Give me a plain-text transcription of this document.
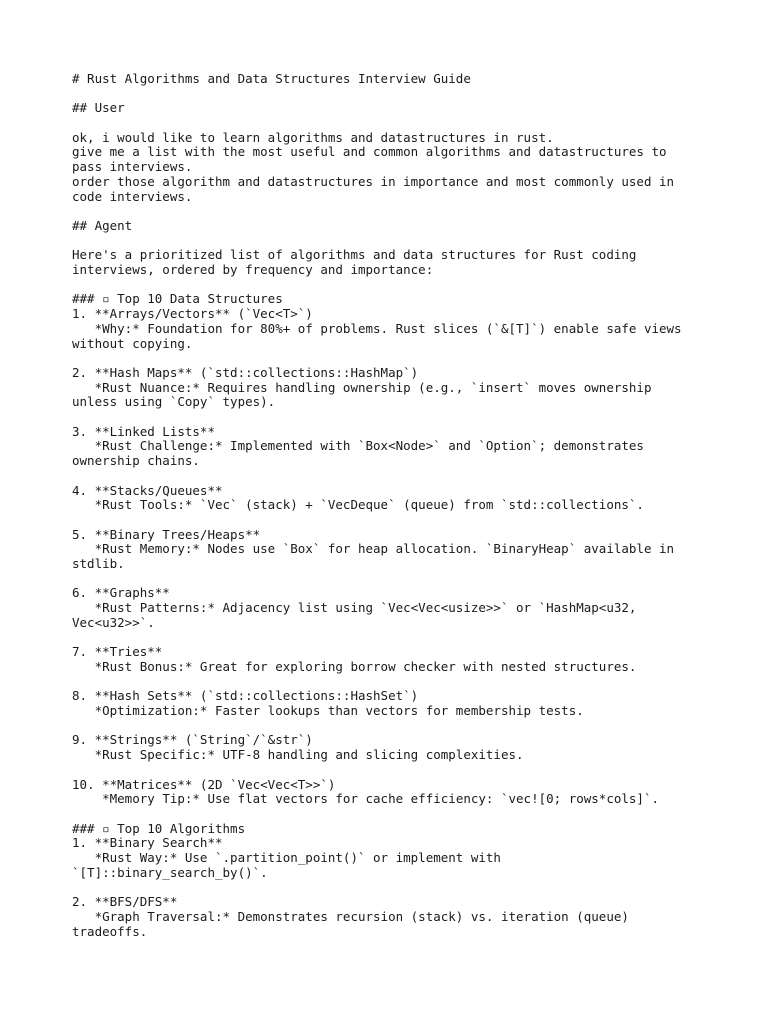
# Rust Algorithms and Data Structures Interview Guide
## User
ok, i would like to learn algorithms and datastructures in rust.
give me a list with the most useful and common algorithms and datastructures to
pass interviews.
order those algorithm and datastructures in importance and most commonly used in
code interviews.
## Agent
Here's a prioritized list of algorithms and data structures for Rust coding
interviews, ordered by frequency and importance:
### ▫ Top 10 Data Structures
1. **Arrays/Vectors** (`Vec<T>`)
*Why:* Foundation for 80%+ of problems. Rust slices (`&[T]`) enable safe views
without copying.
2. **Hash Maps** (`std::collections::HashMap`)
*Rust Nuance:* Requires handling ownership (e.g., `insert` moves ownership
unless using `Copy` types).
3. **Linked Lists**
*Rust Challenge:* Implemented with `Box<Node>` and `Option`; demonstrates
ownership chains.
4. **Stacks/Queues**
*Rust Tools:* `Vec` (stack) + `VecDeque` (queue) from `std::collections`.
5. **Binary Trees/Heaps**
*Rust Memory:* Nodes use `Box` for heap allocation. `BinaryHeap` available in
stdlib.
6. **Graphs**
*Rust Patterns:* Adjacency list using `Vec<Vec<usize>>` or `HashMap<u32,
Vec<u32>>`.
7. **Tries**
*Rust Bonus:* Great for exploring borrow checker with nested structures.
8. **Hash Sets** (`std::collections::HashSet`)
*Optimization:* Faster lookups than vectors for membership tests.
9. **Strings** (`String`/`&str`)
*Rust Specific:* UTF-8 handling and slicing complexities.
10. **Matrices** (2D `Vec<Vec<T>>`)
*Memory Tip:* Use flat vectors for cache efficiency: `vec![0; rows*cols]`.
### ▫ Top 10 Algorithms
1. **Binary Search**
*Rust Way:* Use `.partition_point()` or implement with
`[T]::binary_search_by()`.
2. **BFS/DFS**
*Graph Traversal:* Demonstrates recursion (stack) vs. iteration (queue)
tradeoffs.
